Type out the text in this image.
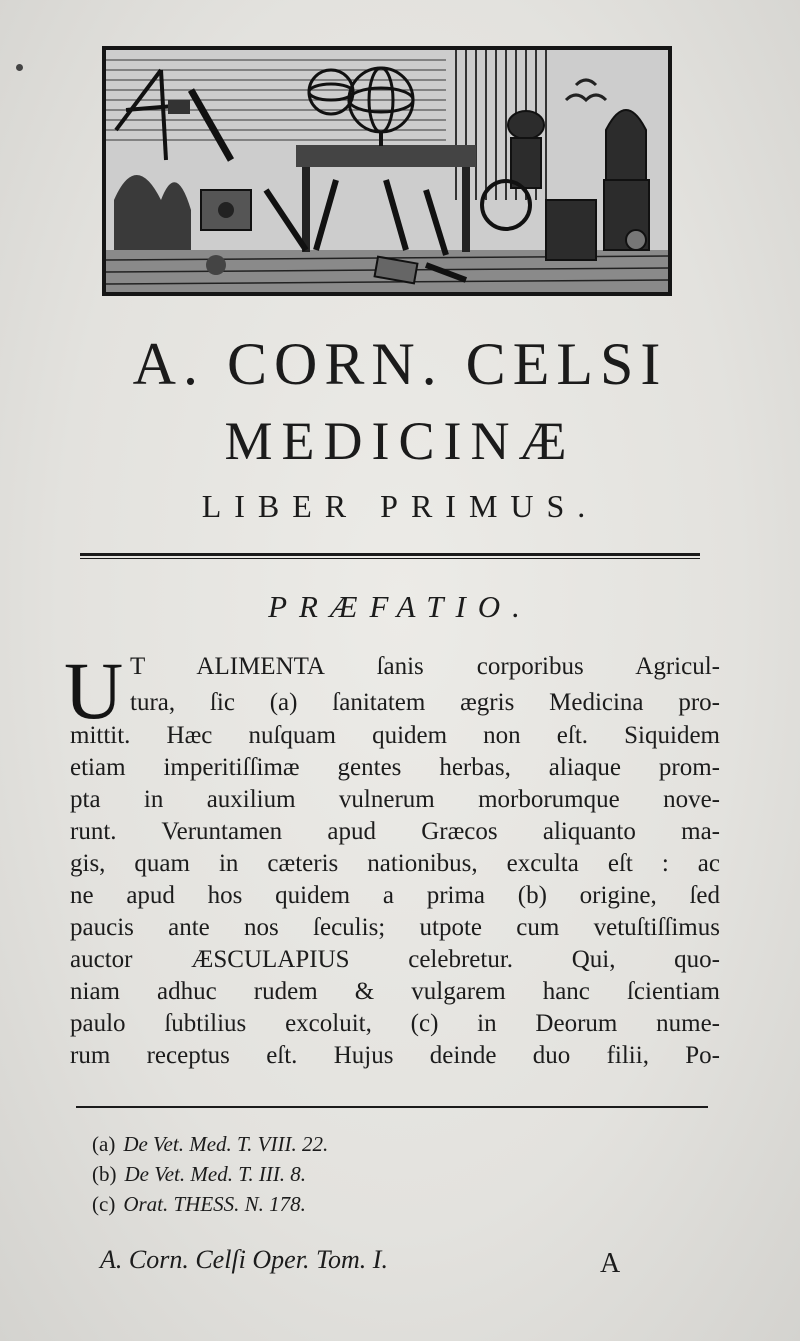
A. CORN. CELSI
MEDICINÆ
LIBER PRIMUS.
PRÆFATIO.
U T ALIMENTA ſanis corporibus Agricul-
tura, ſic (a) ſanitatem ægris Medicina pro-
mittit. Hæc nuſquam quidem non eſt. Siquidem
etiam imperitiſſimæ gentes herbas, aliaque prom-
pta in auxilium vulnerum morborumque nove-
runt. Veruntamen apud Græcos aliquanto ma-
gis, quam in cæteris nationibus, exculta eſt : ac
ne apud hos quidem a prima (b) origine, ſed
paucis ante nos ſeculis; utpote cum vetuſtiſſimus
auctor ÆSCULAPIUS celebretur. Qui, quo-
niam adhuc rudem & vulgarem hanc ſcientiam
paulo ſubtilius excoluit, (c) in Deorum nume-
rum receptus eſt. Hujus deinde duo filii, Po-
(a) De Vet. Med. T. VIII. 22.
(b) De Vet. Med. T. III. 8.
(c) Orat. THESS. N. 178.
A. Corn. Celſi Oper. Tom. I.	A
